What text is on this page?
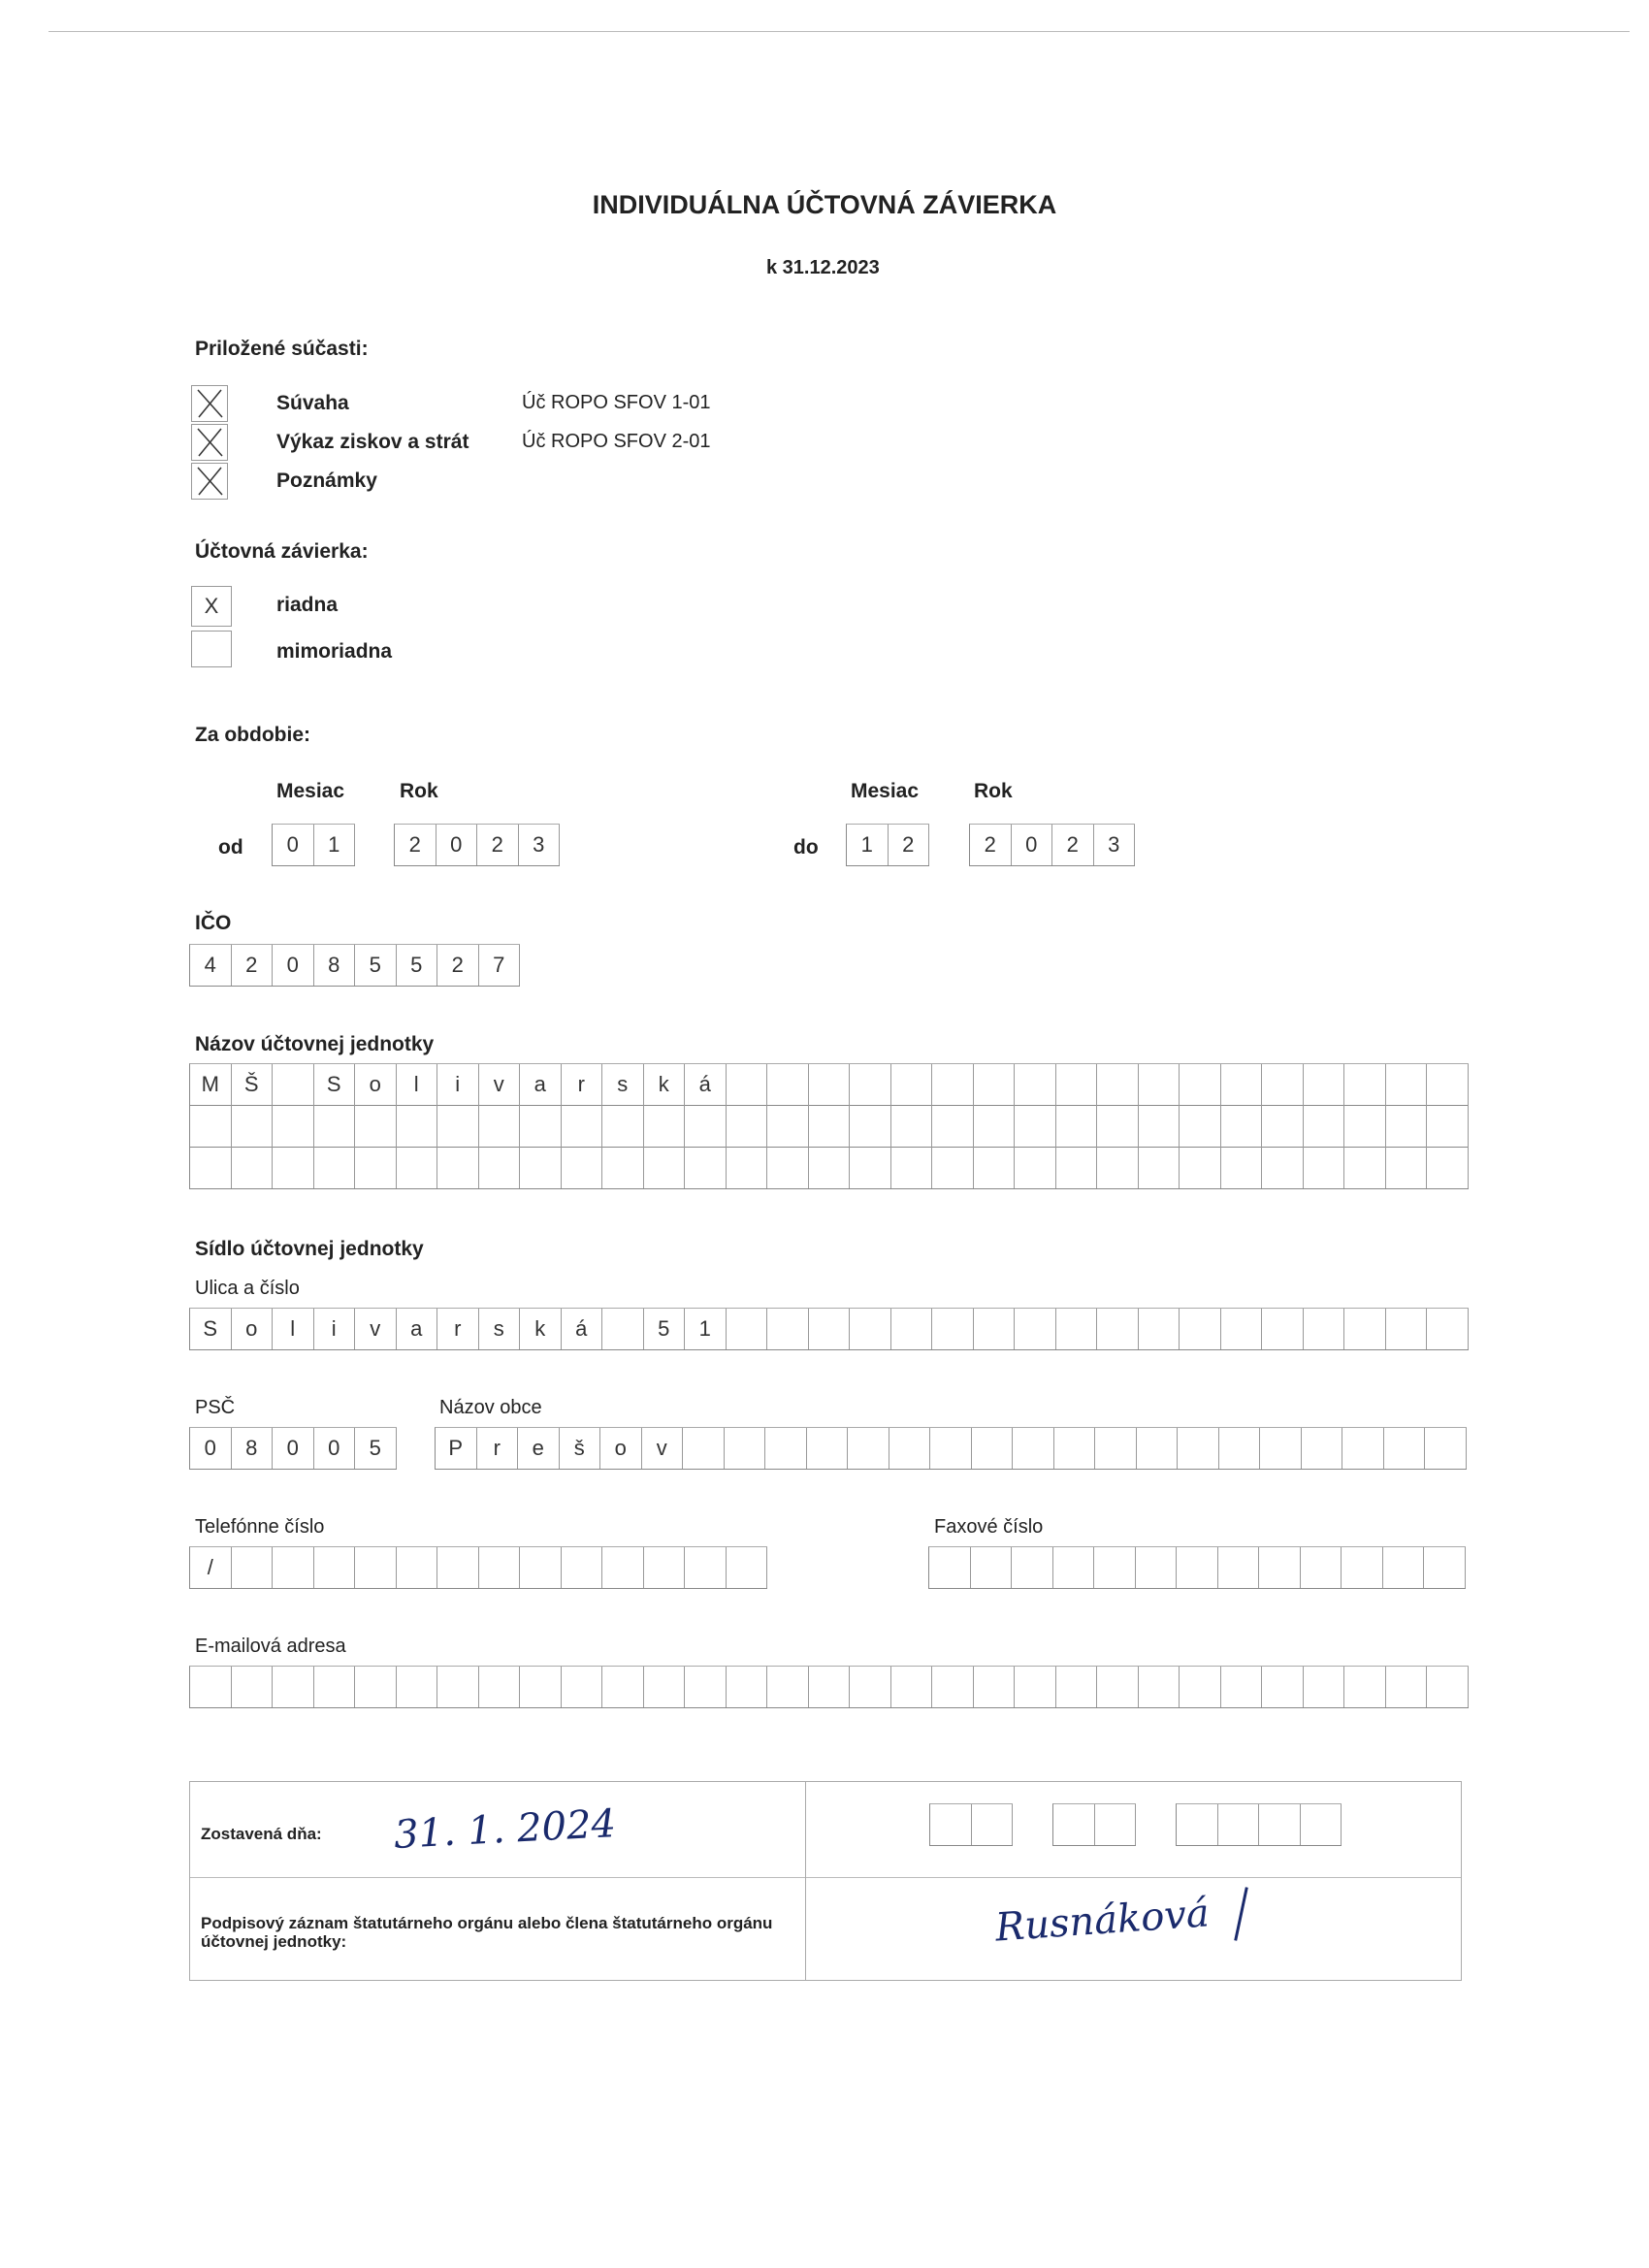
INDIVIDUÁLNA ÚČTOVNÁ ZÁVIERKA
k 31.12.2023
Priložené súčasti:
Súvaha	Úč ROPO SFOV 1-01
Výkaz ziskov a strát	Úč ROPO SFOV 2-01
Poznámky
Účtovná závierka:
X	riadna
mimoriadna
Za obdobie:
Mesiac	Rok	Mesiac	Rok
od	0	1	2	0	2	3	do	1	2	2	0	2	3
IČO
4	2	0	8	5	5	2	7
Názov účtovnej jednotky
M	Š	S	o	l	i	v	a	r	s	k	á
Sídlo účtovnej jednotky
Ulica a číslo
S	o	l	i	v	a	r	s	k	á	5	1
PSČ
0	8	0	0	5
Názov obce
P	r	e	š	o	v
Telefónne číslo
/
Faxové číslo
E-mailová adresa
Zostavená dňa: 31. 1. 2024
Podpisový záznam štatutárneho orgánu alebo člena štatutárneho orgánu účtovnej jednotky:	Rusnáková
